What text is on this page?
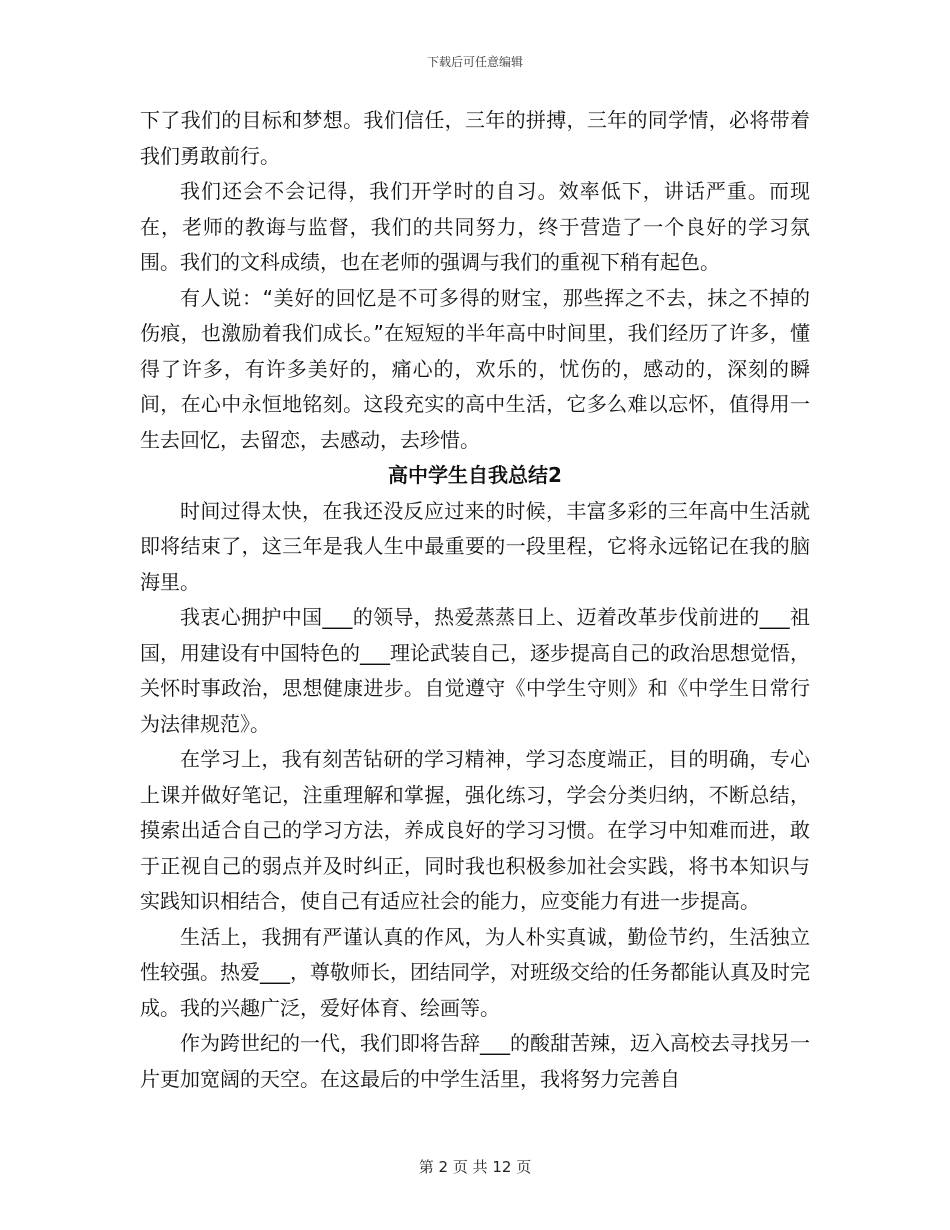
下载后可任意编辑

下了我们的目标和梦想。我们信任，三年的拼搏，三年的同学情，必将带着我们勇敢前行。

我们还会不会记得，我们开学时的自习。效率低下，讲话严重。而现在，老师的教诲与监督，我们的共同努力，终于营造了一个良好的学习氛围。我们的文科成绩，也在老师的强调与我们的重视下稍有起色。

有人说：“美好的回忆是不可多得的财宝，那些挥之不去，抹之不掉的伤痕，也激励着我们成长。”在短短的半年高中时间里，我们经历了许多，懂得了许多，有许多美好的，痛心的，欢乐的，忧伤的，感动的，深刻的瞬间，在心中永恒地铭刻。这段充实的高中生活，它多么难以忘怀，值得用一生去回忆，去留恋，去感动，去珍惜。

高中学生自我总结2

时间过得太快，在我还没反应过来的时候，丰富多彩的三年高中生活就即将结束了，这三年是我人生中最重要的一段里程，它将永远铭记在我的脑海里。

我衷心拥护中国___的领导，热爱蒸蒸日上、迈着改革步伐前进的___祖国，用建设有中国特色的___理论武装自己，逐步提高自己的政治思想觉悟，关怀时事政治，思想健康进步。自觉遵守《中学生守则》和《中学生日常行为法律规范》。

在学习上，我有刻苦钻研的学习精神，学习态度端正，目的明确，专心上课并做好笔记，注重理解和掌握，强化练习，学会分类归纳，不断总结，摸索出适合自己的学习方法，养成良好的学习习惯。在学习中知难而进，敢于正视自己的弱点并及时纠正，同时我也积极参加社会实践，将书本知识与实践知识相结合，使自己有适应社会的能力，应变能力有进一步提高。

生活上，我拥有严谨认真的作风，为人朴实真诚，勤俭节约，生活独立性较强。热爱___，尊敬师长，团结同学，对班级交给的任务都能认真及时完成。我的兴趣广泛，爱好体育、绘画等。

作为跨世纪的一代，我们即将告辞___的酸甜苦辣，迈入高校去寻找另一片更加宽阔的天空。在这最后的中学生活里，我将努力完善自

第 2 页 共 12 页
